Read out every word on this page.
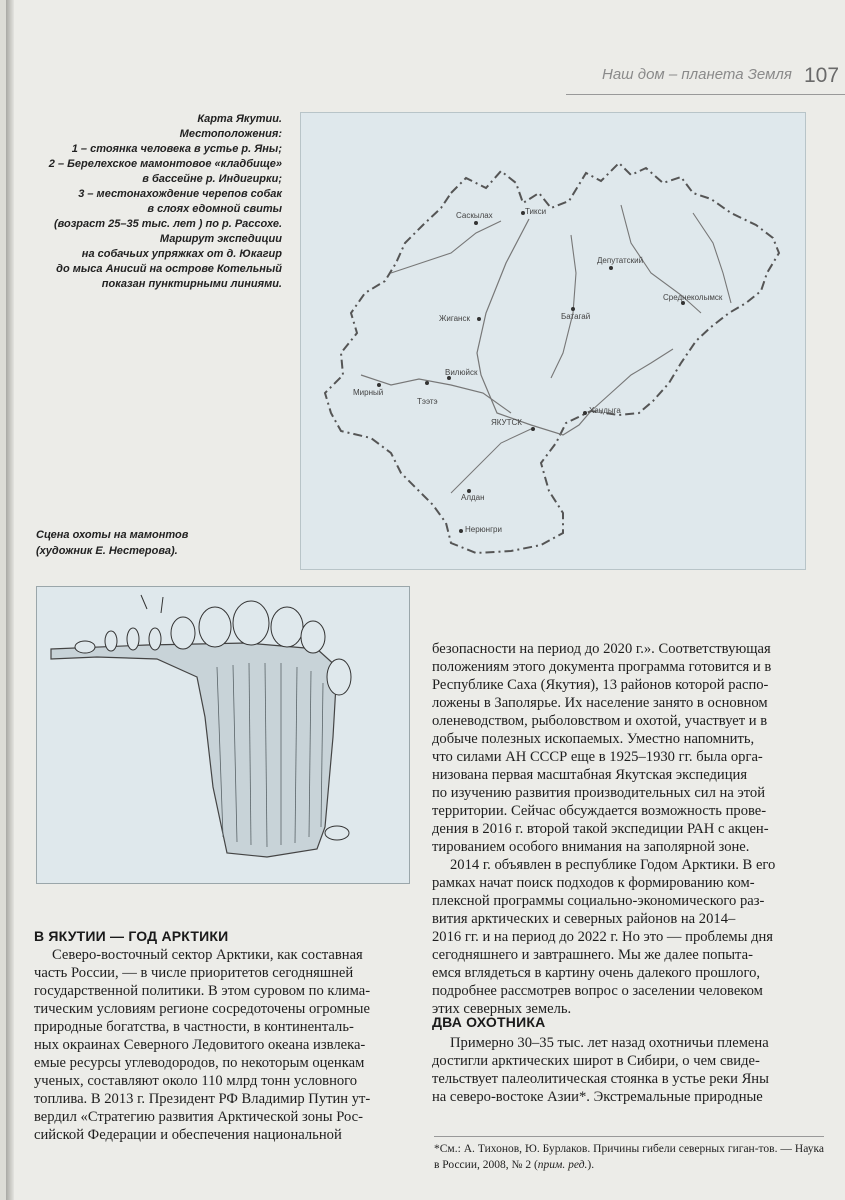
Наш дом – планета Земля 107
Карта Якутии.
Местоположения:
1 – стоянка человека в устье р. Яны;
2 – Берелехское мамонтовое «кладбище»
в бассейне р. Индигирки;
3 – местонахождение черепов собак
в слоях едомной свиты
(возраст 25–35 тыс. лет ) по р. Рассохе.
Маршрут экспедиции
на собачьих упряжках от д. Юкагир
до мыса Анисий на острове Котельный
показан пунктирными линиями.
Саскылах	Тикси
Депутатский
Батагай
Жиганск
Среднеколымск
Вилюйск
Мирный
Тээтэ
ЯКУТСК
Хандыга
Алдан
Нерюнгри
Сцена охоты на мамонтов
(художник Е. Нестерова).
В ЯКУТИИ — ГОД АРКТИКИ

Северо-восточный сектор Арктики, как составная

часть России, — в числе приоритетов сегодняшней

государственной политики. В этом суровом по клима-

тическим условиям регионе сосредоточены огромные

природные богатства, в частности, в континенталь-

ных окраинах Северного Ледовитого океана извлека-

емые ресурсы углеводородов, по некоторым оценкам

ученых, составляют около 110 млрд тонн условного

топлива. В 2013 г. Президент РФ Владимир Путин ут-

вердил «Стратегию развития Арктической зоны Рос-

сийской Федерации и обеспечения национальной

безопасности на период до 2020 г.». Соответствующая

положениям этого документа программа готовится и в

Республике Саха (Якутия), 13 районов которой распо-

ложены в Заполярье. Их население занято в основном

оленеводством, рыболовством и охотой, участвует и в

добыче полезных ископаемых. Уместно напомнить,

что силами АН СССР еще в 1925–1930 гг. была орга-

низована первая масштабная Якутская экспедиция

по изучению развития производительных сил на этой

территории. Сейчас обсуждается возможность прове-

дения в 2016 г. второй такой экспедиции РАН с акцен-

тированием особого внимания на заполярной зоне.

2014 г. объявлен в республике Годом Арктики. В его

рамках начат поиск подходов к формированию ком-

плексной программы социально-экономического раз-

вития арктических и северных районов на 2014–

2016 гг. и на период до 2022 г. Но это — проблемы дня

сегодняшнего и завтрашнего. Мы же далее попыта-

емся вглядеться в картину очень далекого прошлого,

подробнее рассмотрев вопрос о заселении человеком

этих северных земель.

ДВА ОХОТНИКА

Примерно 30–35 тыс. лет назад охотничьи племена

достигли арктических широт в Сибири, о чем свиде-

тельствует палеолитическая стоянка в устье реки Яны

на северо-востоке Азии*. Экстремальные природные

*См.: А. Тихонов, Ю. Бурлаков. Причины гибели северных гиган-тов. — Наука в России, 2008, № 2 (прим. ред.).
